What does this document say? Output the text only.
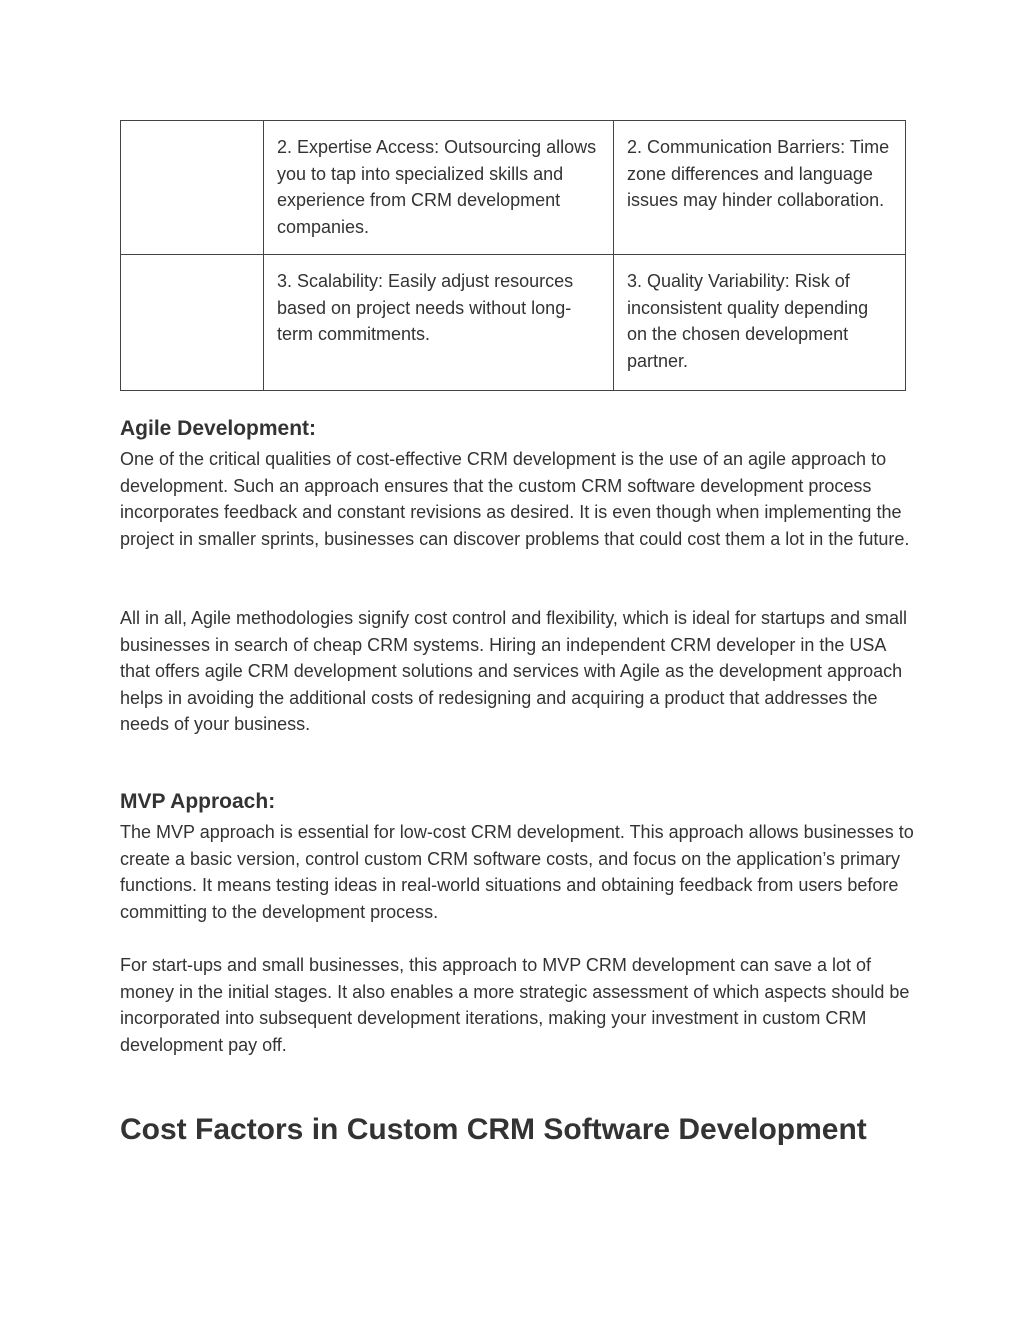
	2. Expertise Access: Outsourcing allows you to tap into specialized skills and experience from CRM development companies.	2. Communication Barriers: Time zone differences and language issues may hinder collaboration.
	3. Scalability: Easily adjust resources based on project needs without long-term commitments.	3. Quality Variability: Risk of inconsistent quality depending on the chosen development partner.
Agile Development:

One of the critical qualities of cost-effective CRM development is the use of an agile approach to development. Such an approach ensures that the custom CRM software development process incorporates feedback and constant revisions as desired. It is even though when implementing the project in smaller sprints, businesses can discover problems that could cost them a lot in the future.

All in all, Agile methodologies signify cost control and flexibility, which is ideal for startups and small businesses in search of cheap CRM systems. Hiring an independent CRM developer in the USA that offers agile CRM development solutions and services with Agile as the development approach helps in avoiding the additional costs of redesigning and acquiring a product that addresses the needs of your business.

MVP Approach:

The MVP approach is essential for low-cost CRM development. This approach allows businesses to create a basic version, control custom CRM software costs, and focus on the application’s primary functions. It means testing ideas in real-world situations and obtaining feedback from users before committing to the development process.

For start-ups and small businesses, this approach to MVP CRM development can save a lot of money in the initial stages. It also enables a more strategic assessment of which aspects should be incorporated into subsequent development iterations, making your investment in custom CRM development pay off.

Cost Factors in Custom CRM Software Development
